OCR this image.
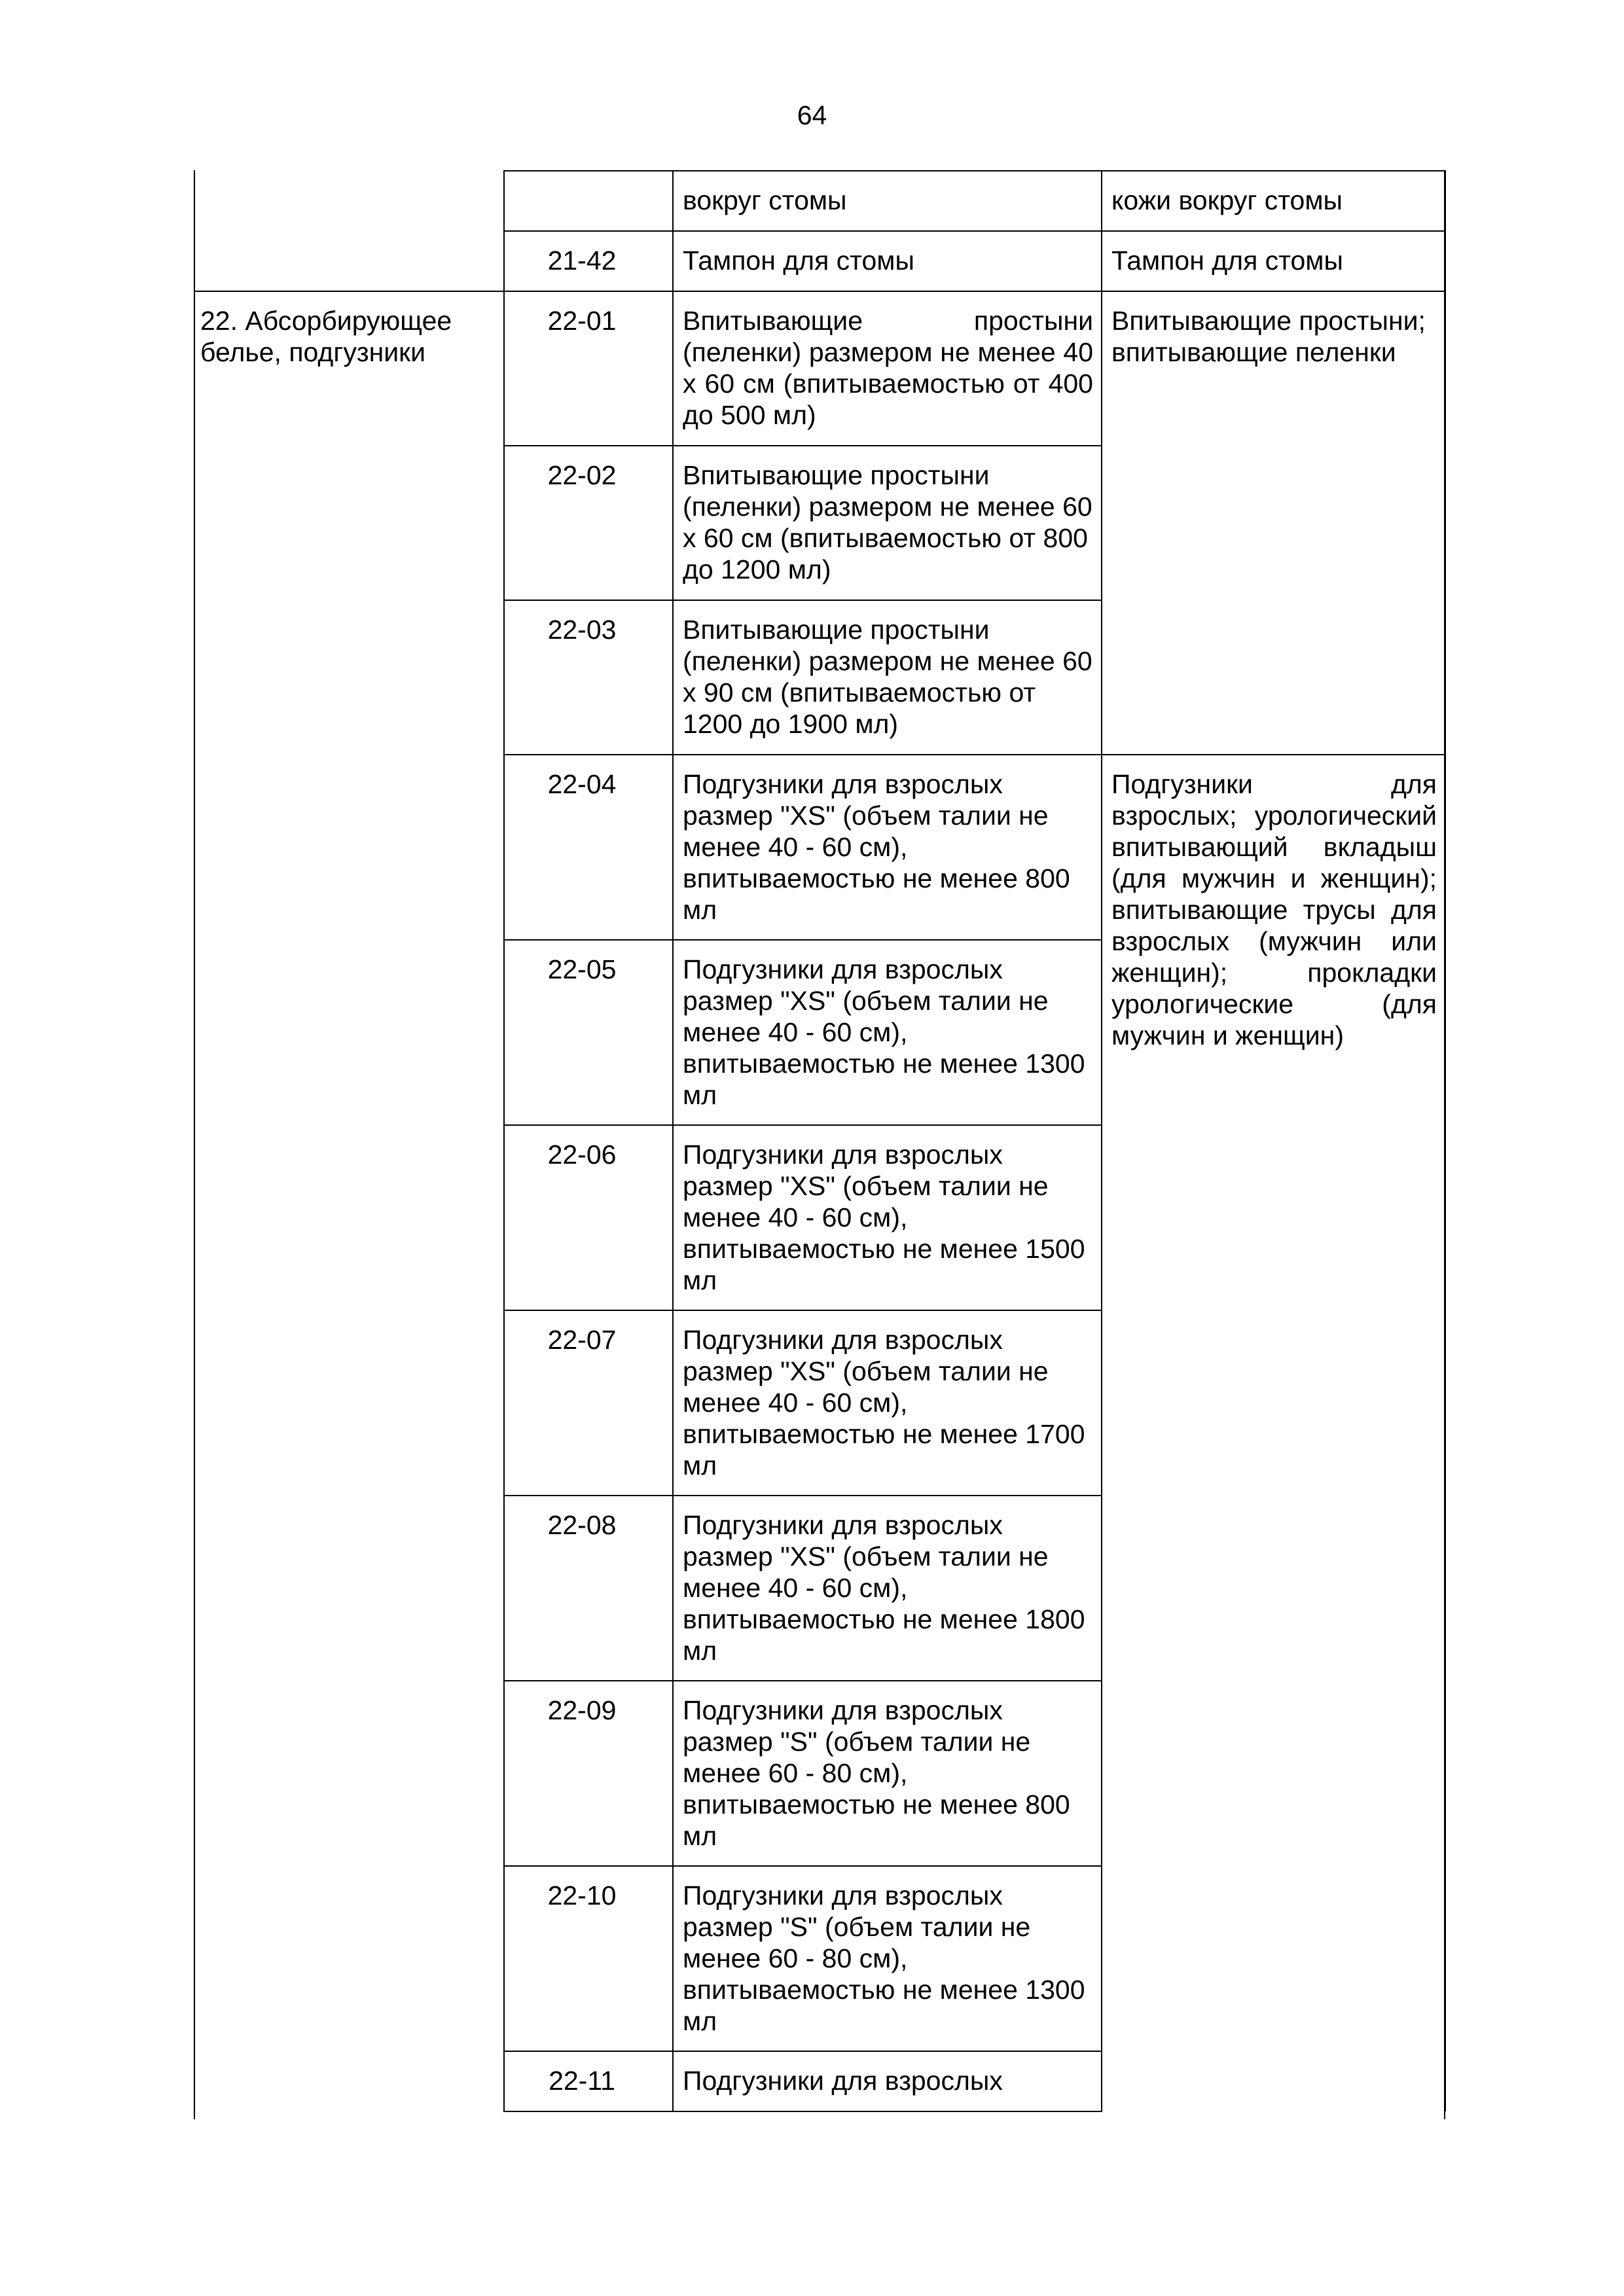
64

		вокруг стомы	кожи вокруг стомы

	21-42	Тампон для стомы	Тампон для стомы

22. Абсорбирующее белье, подгузники	22-01	Впитывающие простыни (пеленки) размером не менее 40 x 60 см (впитываемостью от 400 до 500 мл)	Впитывающие простыни; впитывающие пеленки

	22-02	Впитывающие простыни (пеленки) размером не менее 60 x 60 см (впитываемостью от 800 до 1200 мл)	

	22-03	Впитывающие простыни (пеленки) размером не менее 60 x 90 см (впитываемостью от 1200 до 1900 мл)	

	22-04	Подгузники для взрослых размер "XS" (объем талии не менее 40 - 60 см), впитываемостью не менее 800 мл	Подгузники для взрослых; урологический впитывающий вкладыш (для мужчин и женщин); впитывающие трусы для взрослых (мужчин или женщин); прокладки урологические (для мужчин и женщин)

	22-05	Подгузники для взрослых размер "XS" (объем талии не менее 40 - 60 см), впитываемостью не менее 1300 мл	

	22-06	Подгузники для взрослых размер "XS" (объем талии не менее 40 - 60 см), впитываемостью не менее 1500 мл	

	22-07	Подгузники для взрослых размер "XS" (объем талии не менее 40 - 60 см), впитываемостью не менее 1700 мл	

	22-08	Подгузники для взрослых размер "XS" (объем талии не менее 40 - 60 см), впитываемостью не менее 1800 мл	

	22-09	Подгузники для взрослых размер "S" (объем талии не менее 60 - 80 см), впитываемостью не менее 800 мл	

	22-10	Подгузники для взрослых размер "S" (объем талии не менее 60 - 80 см), впитываемостью не менее 1300 мл	

	22-11	Подгузники для взрослых	
